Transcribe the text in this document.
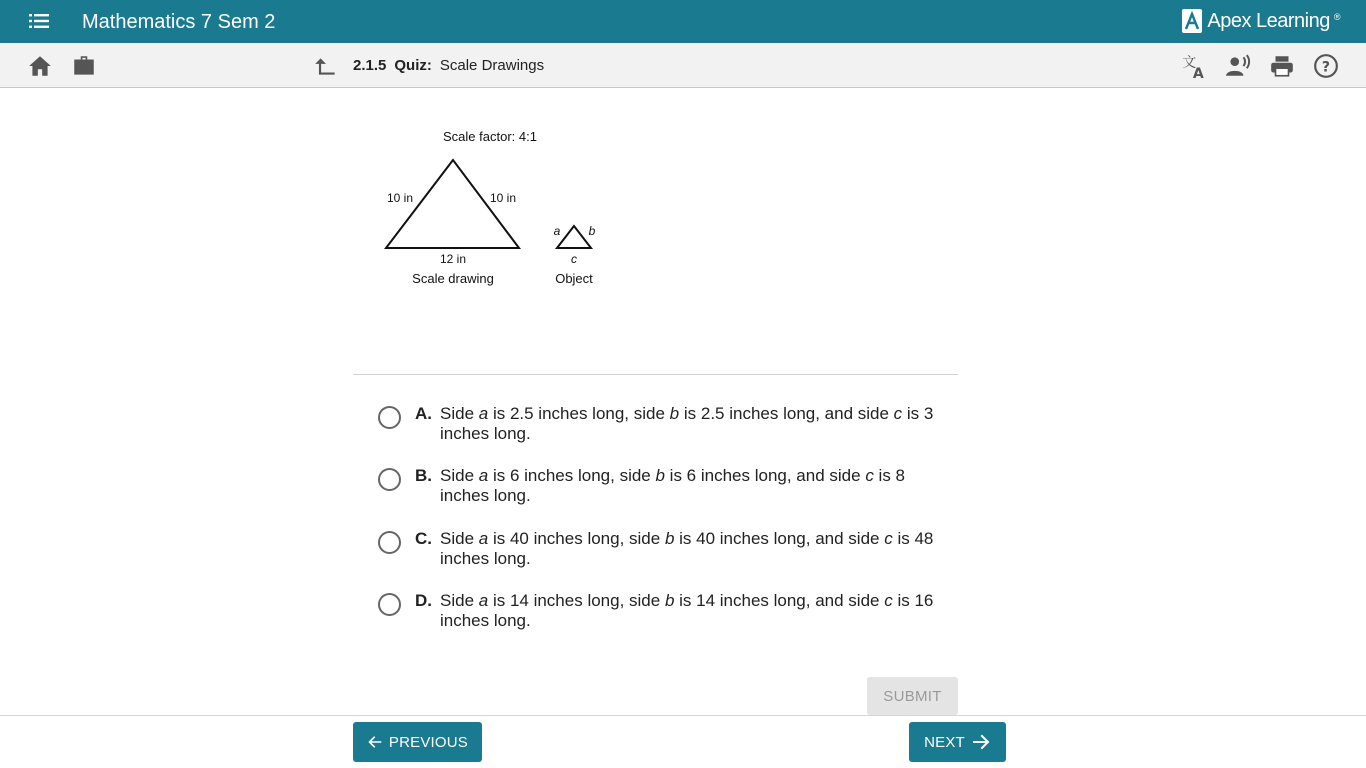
Mathematics 7 Sem 2	Apex Learning ®
2.1.5 Quiz: Scale Drawings	文
A	?
Scale factor: 4:1
10 in	10 in
12 in
Scale drawing
a b
c
Object
A. Side a is 2.5 inches long, side b is 2.5 inches long, and side c is 3 inches long.
B. Side a is 6 inches long, side b is 6 inches long, and side c is 8 inches long.
C. Side a is 40 inches long, side b is 40 inches long, and side c is 48 inches long.
D. Side a is 14 inches long, side b is 14 inches long, and side c is 16 inches long.
SUBMIT
PREVIOUS	NEXT
